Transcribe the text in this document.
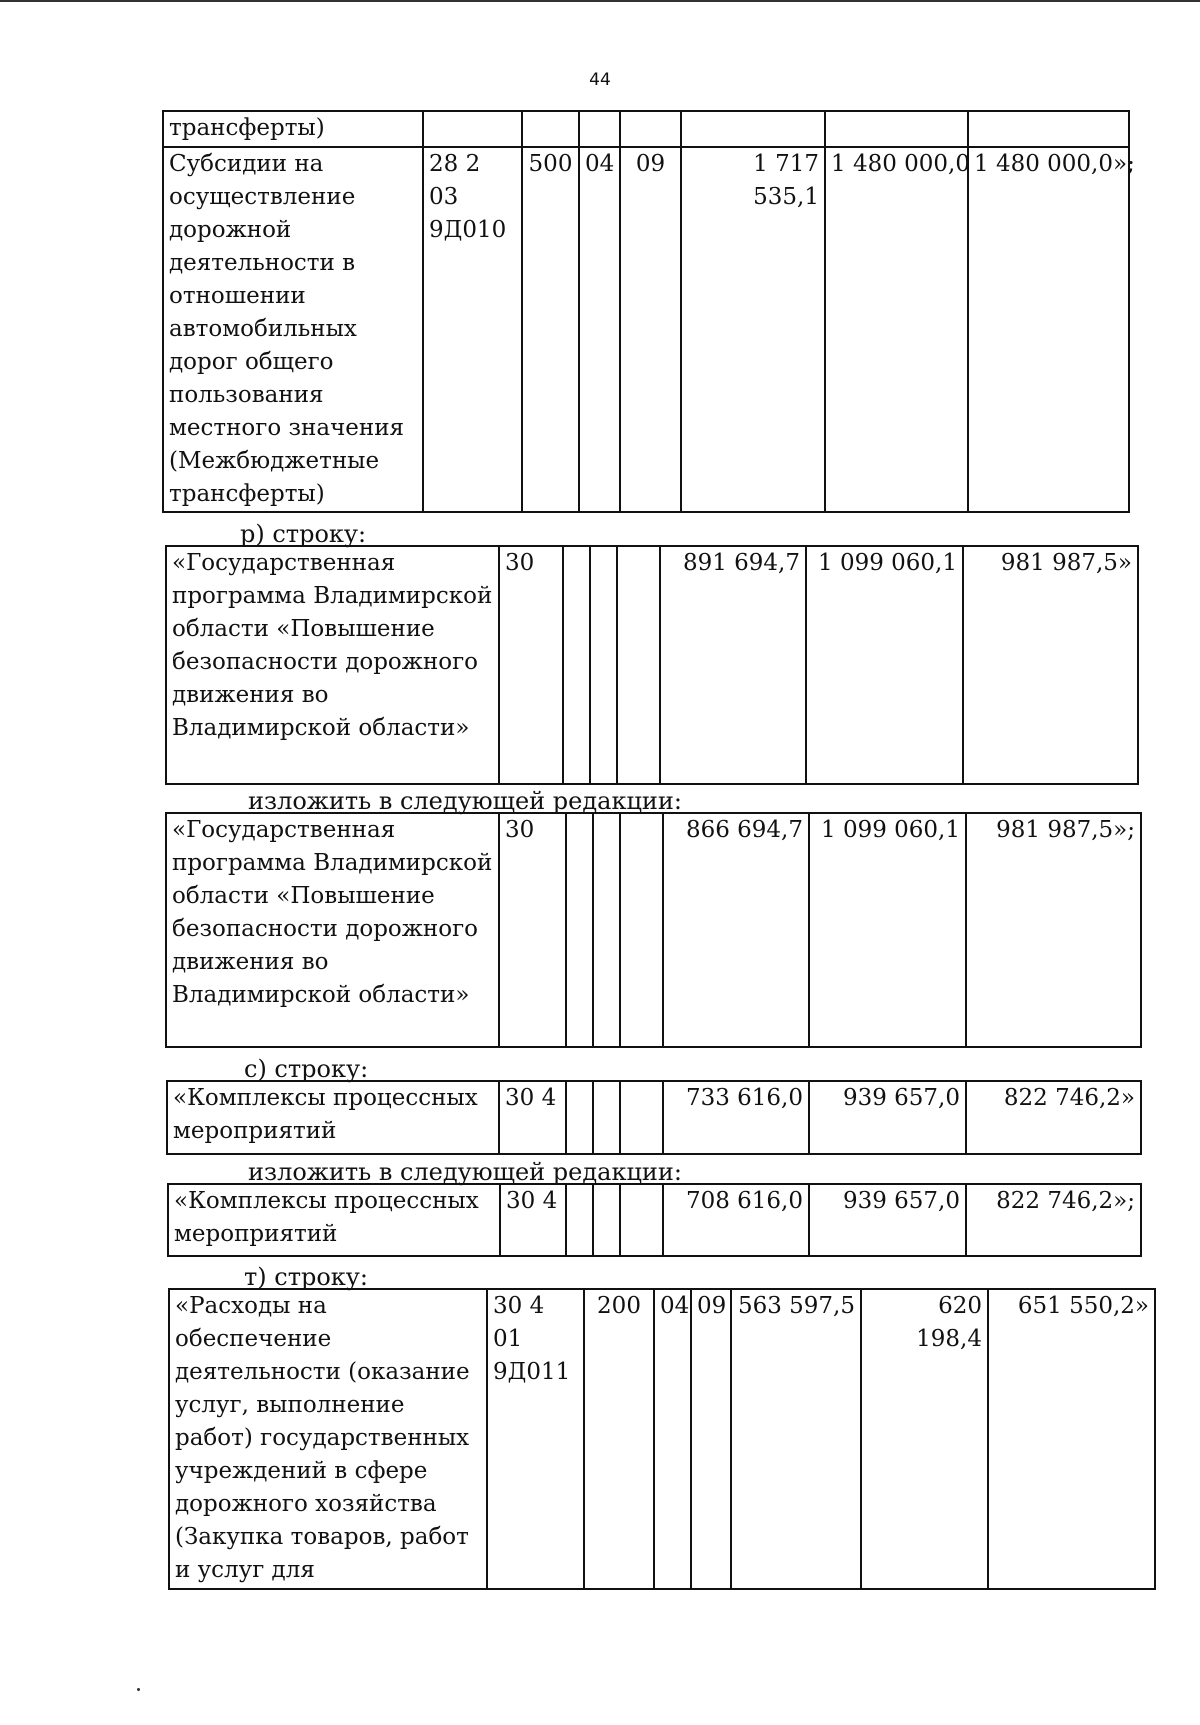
44
трансферты)							
Субсидии на осуществление дорожной деятельности в отношении автомобильных дорог общего пользования местного значения (Межбюджетные трансферты)	28 2 03 9Д010	500	04	09	1 717 535,1	1 480 000,0	1 480 000,0»;
р) строку:
«Государственная программа Владимирской области «Повышение безопасности дорожного движения во Владимирской области»	30				891 694,7	1 099 060,1	981 987,5»
изложить в следующей редакции:
«Государственная программа Владимирской области «Повышение безопасности дорожного движения во Владимирской области»	30				866 694,7	1 099 060,1	981 987,5»;
с) строку:
«Комплексы процессных мероприятий	30 4				733 616,0	939 657,0	822 746,2»
изложить в следующей редакции:
«Комплексы процессных мероприятий	30 4				708 616,0	939 657,0	822 746,2»;
т) строку:
«Расходы на обеспечение деятельности (оказание услуг, выполнение работ) государственных учреждений в сфере дорожного хозяйства (Закупка товаров, работ и услуг для	30 4 01 9Д011	200	04	09	563 597,5	620 198,4	651 550,2»
